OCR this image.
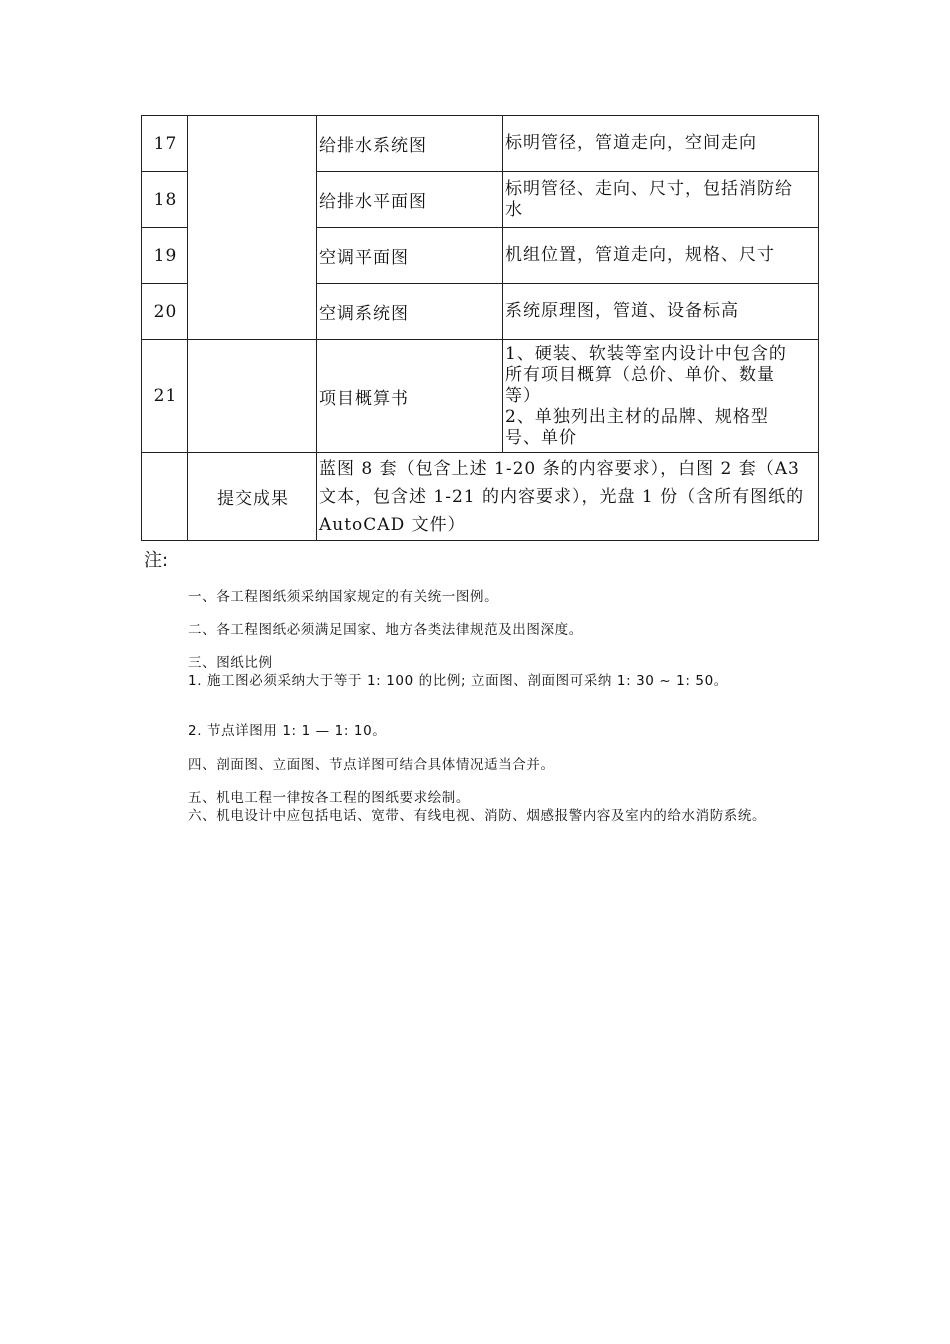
17		给排水系统图	标明管径，管道走向，空间走向

18		给排水平面图	标明管径、走向、尺寸，包括消防给
水

19		空调平面图	机组位置，管道走向，规格、尺寸

20		空调系统图	系统原理图，管道、设备标高

21		项目概算书	1、硬装、软装等室内设计中包含的
所有项目概算（总价、单价、数量
等）
2、单独列出主材的品牌、规格型
号、单价

	提交成果	蓝图 8 套（包含上述 1-20 条的内容要求），白图 2 套（A3 文本，包含述 1-21 的内容要求），光盘 1 份（含所有图纸的 AutoCAD 文件）	
注:
一、各工程图纸须采纳国家规定的有关统一图例。
二、各工程图纸必须满足国家、地方各类法律规范及出图深度。
三、图纸比例
1. 施工图必须采纳大于等于 1: 100 的比例; 立面图、剖面图可采纳 1: 30 ~ 1: 50。
2. 节点详图用 1: 1 — 1: 10。
四、剖面图、立面图、节点详图可结合具体情况适当合并。
五、机电工程一律按各工程的图纸要求绘制。
六、机电设计中应包括电话、宽带、有线电视、消防、烟感报警内容及室内的给水消防系统。
